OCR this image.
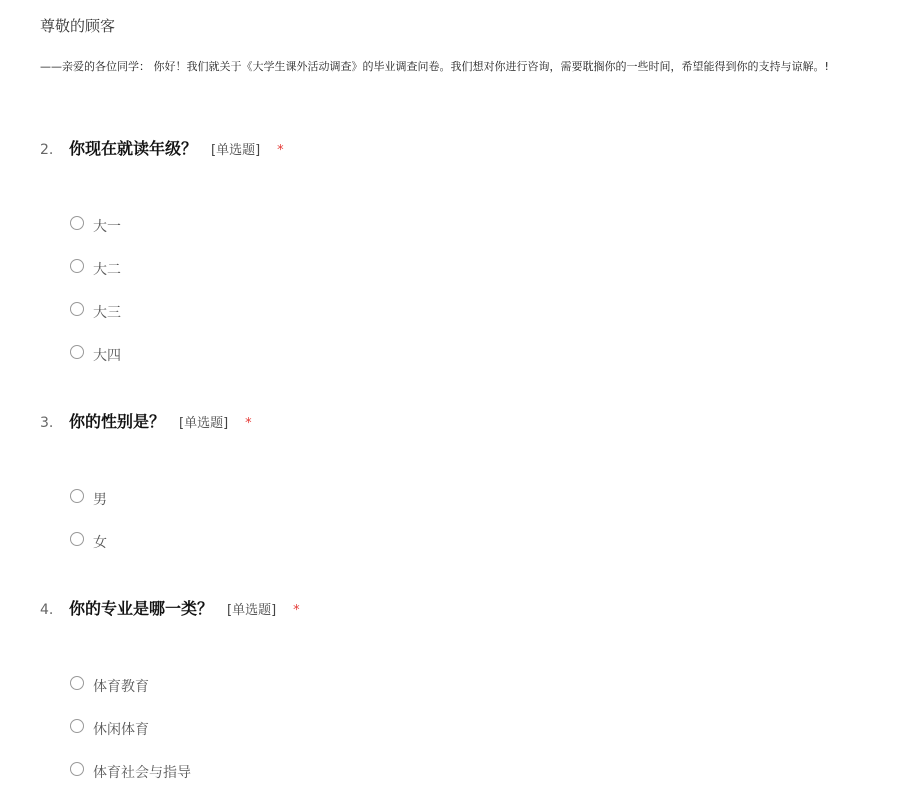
尊敬的顾客
——亲爱的各位同学： 你好！我们就关于《大学生课外活动调查》的毕业调查问卷。我们想对你进行咨询，需要耽搁你的一些时间，希望能得到你的支持与谅解。!
2. 你现在就读年级？ [单选题] *
大一
大二
大三
大四
3. 你的性别是？ [单选题] *
男
女
4. 你的专业是哪一类？ [单选题] *
体育教育
休闲体育
体育社会与指导
